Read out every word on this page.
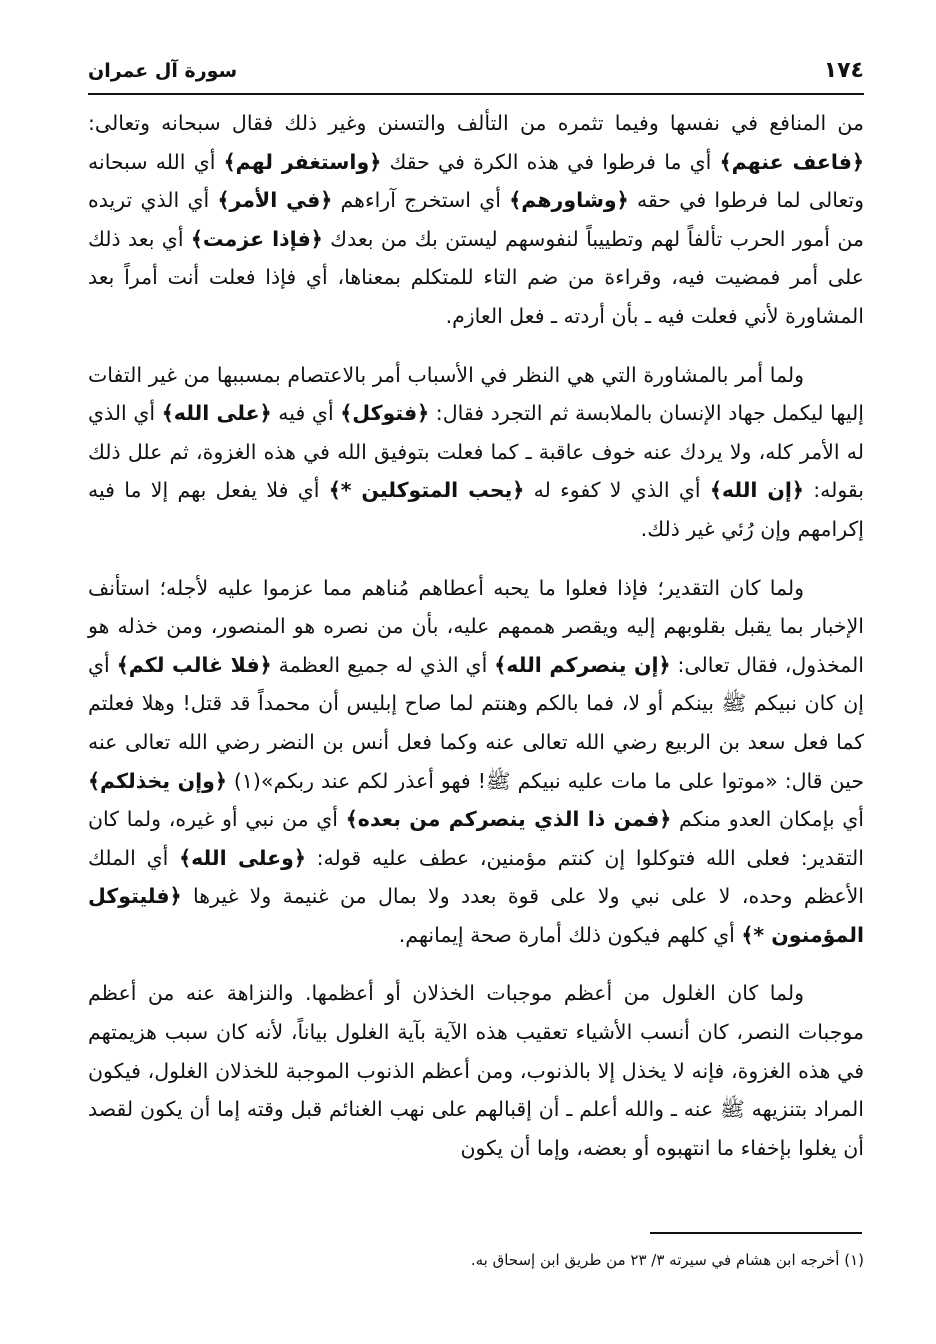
١٧٤
سورة آل عمران

من المنافع في نفسها وفيما تثمره من التألف والتسنن وغير ذلك فقال سبحانه وتعالى: ﴿فاعف عنهم﴾ أي ما فرطوا في هذه الكرة في حقك ﴿واستغفر لهم﴾ أي الله سبحانه وتعالى لما فرطوا في حقه ﴿وشاورهم﴾ أي استخرج آراءهم ﴿في الأمر﴾ أي الذي تريده من أمور الحرب تألفاً لهم وتطييباً لنفوسهم ليستن بك من بعدك ﴿فإذا عزمت﴾ أي بعد ذلك على أمر فمضيت فيه، وقراءة من ضم التاء للمتكلم بمعناها، أي فإذا فعلت أنت أمراً بعد المشاورة لأني فعلت فيه ـ بأن أردته ـ فعل العازم.

ولما أمر بالمشاورة التي هي النظر في الأسباب أمر بالاعتصام بمسببها من غير التفات إليها ليكمل جهاد الإنسان بالملابسة ثم التجرد فقال: ﴿فتوكل﴾ أي فيه ﴿على الله﴾ أي الذي له الأمر كله، ولا يردك عنه خوف عاقبة ـ كما فعلت بتوفيق الله في هذه الغزوة، ثم علل ذلك بقوله: ﴿إن الله﴾ أي الذي لا كفوء له ﴿يحب المتوكلين *﴾ أي فلا يفعل بهم إلا ما فيه إكرامهم وإن رُئي غير ذلك.

ولما كان التقدير؛ فإذا فعلوا ما يحبه أعطاهم مُناهم مما عزموا عليه لأجله؛ استأنف الإخبار بما يقبل بقلوبهم إليه ويقصر هممهم عليه، بأن من نصره هو المنصور، ومن خذله هو المخذول، فقال تعالى: ﴿إن ينصركم الله﴾ أي الذي له جميع العظمة ﴿فلا غالب لكم﴾ أي إن كان نبيكم ﷺ بينكم أو لا، فما بالكم وهنتم لما صاح إبليس أن محمداً قد قتل! وهلا فعلتم كما فعل سعد بن الربيع رضي الله تعالى عنه وكما فعل أنس بن النضر رضي الله تعالى عنه حين قال: «موتوا على ما مات عليه نبيكم ﷺ! فهو أعذر لكم عند ربكم»(١) ﴿وإن يخذلكم﴾ أي بإمكان العدو منكم ﴿فمن ذا الذي ينصركم من بعده﴾ أي من نبي أو غيره، ولما كان التقدير: فعلى الله فتوكلوا إن كنتم مؤمنين، عطف عليه قوله: ﴿وعلى الله﴾ أي الملك الأعظم وحده، لا على نبي ولا على قوة بعدد ولا بمال من غنيمة ولا غيرها ﴿فليتوكل المؤمنون *﴾ أي كلهم فيكون ذلك أمارة صحة إيمانهم.

ولما كان الغلول من أعظم موجبات الخذلان أو أعظمها. والنزاهة عنه من أعظم موجبات النصر، كان أنسب الأشياء تعقيب هذه الآية بآية الغلول بياناً، لأنه كان سبب هزيمتهم في هذه الغزوة، فإنه لا يخذل إلا بالذنوب، ومن أعظم الذنوب الموجبة للخذلان الغلول، فيكون المراد بتنزيهه ﷺ عنه ـ والله أعلم ـ أن إقبالهم على نهب الغنائم قبل وقته إما أن يكون لقصد أن يغلوا بإخفاء ما انتهبوه أو بعضه، وإما أن يكون

(١) أخرجه ابن هشام في سيرته ٣/ ٢٣ من طريق ابن إسحاق به.
